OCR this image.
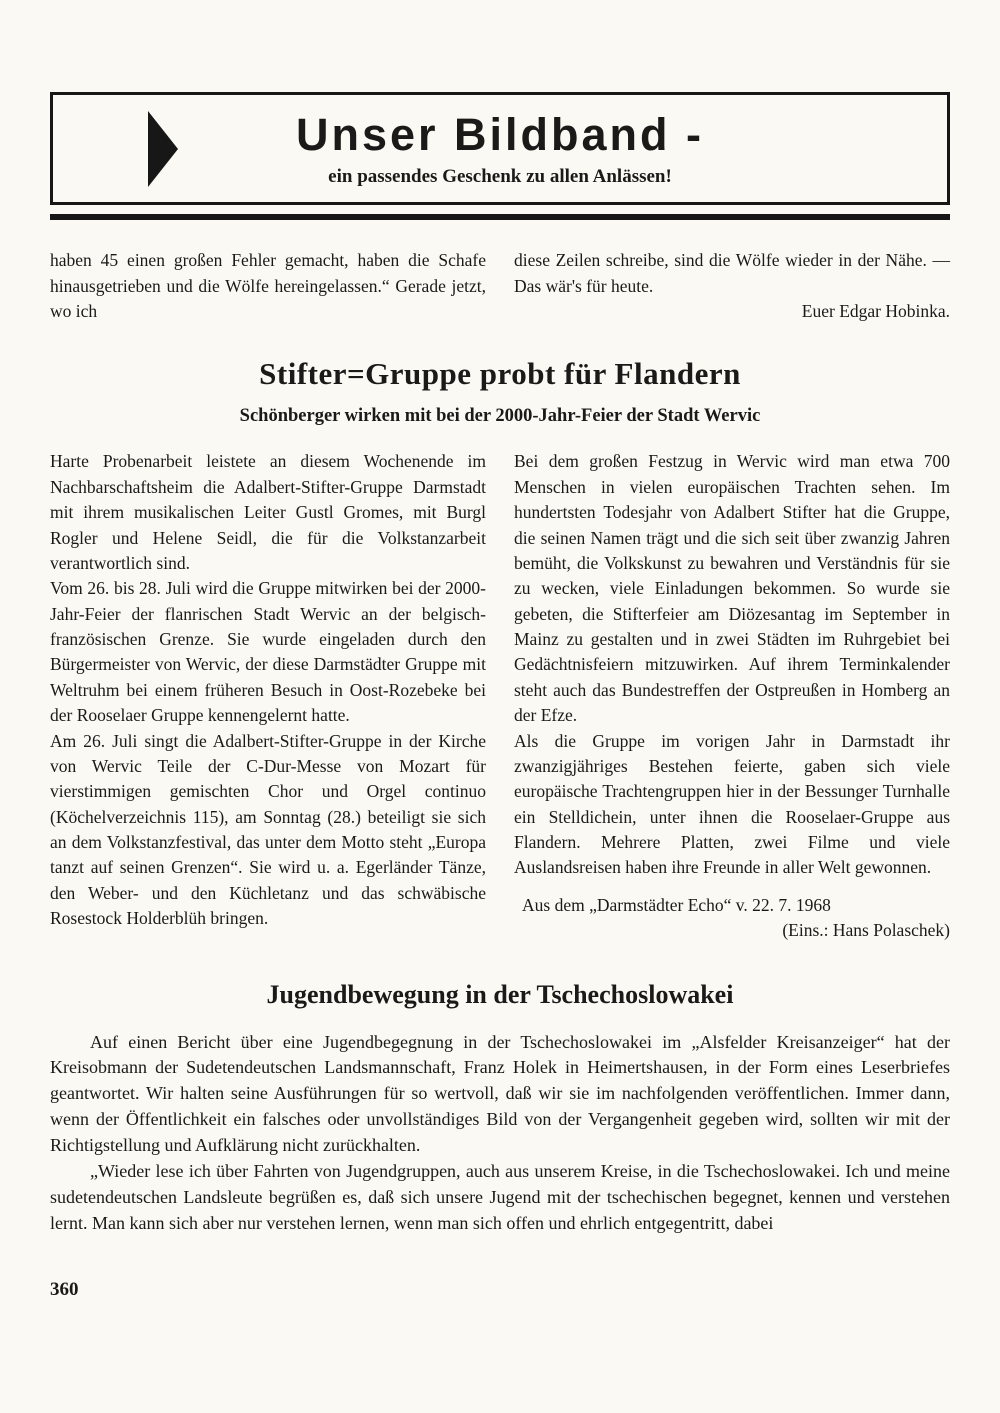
Unser Bildband -
ein passendes Geschenk zu allen Anlässen!
haben 45 einen großen Fehler gemacht, haben die Schafe hinausgetrieben und die Wölfe hereingelassen.“ Gerade jetzt, wo ich
diese Zeilen schreibe, sind die Wölfe wieder in der Nähe. — Das wär's für heute.
Euer Edgar Hobinka.
Stifter=Gruppe probt für Flandern
Schönberger wirken mit bei der 2000-Jahr-Feier der Stadt Wervic

Harte Probenarbeit leistete an diesem Wochenende im Nachbarschaftsheim die Adalbert-Stifter-Gruppe Darmstadt mit ihrem musikalischen Leiter Gustl Gromes, mit Burgl Rogler und Helene Seidl, die für die Volkstanzarbeit verantwortlich sind.

Vom 26. bis 28. Juli wird die Gruppe mitwirken bei der 2000-Jahr-Feier der flanrischen Stadt Wervic an der belgisch-französischen Grenze. Sie wurde eingeladen durch den Bürgermeister von Wervic, der diese Darmstädter Gruppe mit Weltruhm bei einem früheren Besuch in Oost-Rozebeke bei der Rooselaer Gruppe kennengelernt hatte.

Am 26. Juli singt die Adalbert-Stifter-Gruppe in der Kirche von Wervic Teile der C-Dur-Messe von Mozart für vierstimmigen gemischten Chor und Orgel continuo (Köchelverzeichnis 115), am Sonntag (28.) beteiligt sie sich an dem Volkstanzfestival, das unter dem Motto steht „Europa tanzt auf seinen Grenzen“. Sie wird u. a. Egerländer Tänze, den Weber- und den Küchletanz und das schwäbische Rosestock Holderblüh bringen.

Bei dem großen Festzug in Wervic wird man etwa 700 Menschen in vielen europäischen Trachten sehen. Im hundertsten Todesjahr von Adalbert Stifter hat die Gruppe, die seinen Namen trägt und die sich seit über zwanzig Jahren bemüht, die Volkskunst zu bewahren und Verständnis für sie zu wecken, viele Einladungen bekommen. So wurde sie gebeten, die Stifterfeier am Diözesantag im September in Mainz zu gestalten und in zwei Städten im Ruhrgebiet bei Gedächtnisfeiern mitzuwirken. Auf ihrem Terminkalender steht auch das Bundestreffen der Ostpreußen in Homberg an der Efze.

Als die Gruppe im vorigen Jahr in Darmstadt ihr zwanzigjähriges Bestehen feierte, gaben sich viele europäische Trachtengruppen hier in der Bessunger Turnhalle ein Stelldichein, unter ihnen die Rooselaer-Gruppe aus Flandern. Mehrere Platten, zwei Filme und viele Auslandsreisen haben ihre Freunde in aller Welt gewonnen.

Aus dem „Darmstädter Echo“ v. 22. 7. 1968
(Eins.: Hans Polaschek)
Jugendbewegung in der Tschechoslowakei

Auf einen Bericht über eine Jugendbegegnung in der Tschechoslowakei im „Alsfelder Kreisanzeiger“ hat der Kreisobmann der Sudetendeutschen Landsmannschaft, Franz Holek in Heimertshausen, in der Form eines Leserbriefes geantwortet. Wir halten seine Ausführungen für so wertvoll, daß wir sie im nachfolgenden veröffentlichen. Immer dann, wenn der Öffentlichkeit ein falsches oder unvollständiges Bild von der Vergangenheit gegeben wird, sollten wir mit der Richtigstellung und Aufklärung nicht zurückhalten.

„Wieder lese ich über Fahrten von Jugendgruppen, auch aus unserem Kreise, in die Tschechoslowakei. Ich und meine sudetendeutschen Landsleute begrüßen es, daß sich unsere Jugend mit der tschechischen begegnet, kennen und verstehen lernt. Man kann sich aber nur verstehen lernen, wenn man sich offen und ehrlich entgegentritt, dabei

360
